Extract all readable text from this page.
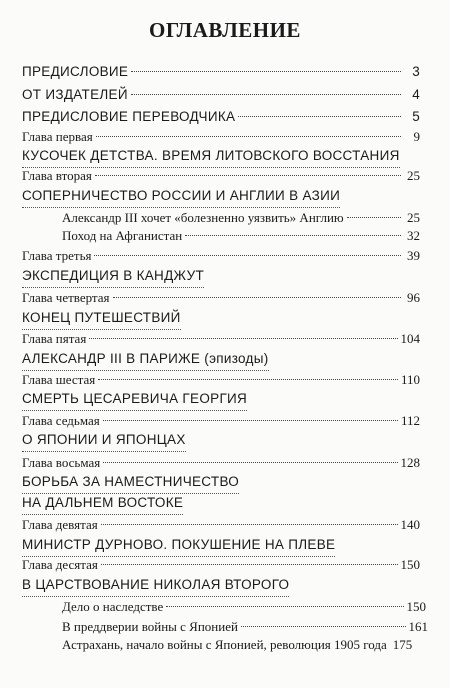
ОГЛАВЛЕНИЕ
ПРЕДИСЛОВИЕ	3
ОТ ИЗДАТЕЛЕЙ	4
ПРЕДИСЛОВИЕ ПЕРЕВОДЧИКА	5
Глава первая	9
КУСОЧЕК ДЕТСТВА. ВРЕМЯ ЛИТОВСКОГО ВОССТАНИЯ
Глава вторая	25
СОПЕРНИЧЕСТВО РОССИИ И АНГЛИИ В АЗИИ
Александр III хочет «болезненно уязвить» Англию	25
Поход на Афганистан	32
Глава третья	39
ЭКСПЕДИЦИЯ В КАНДЖУТ
Глава четвертая	96
КОНЕЦ ПУТЕШЕСТВИЙ
Глава пятая	104
АЛЕКСАНДР III В ПАРИЖЕ (эпизоды)
Глава шестая	110
СМЕРТЬ ЦЕСАРЕВИЧА ГЕОРГИЯ
Глава седьмая	112
О ЯПОНИИ И ЯПОНЦАХ
Глава восьмая	128
БОРЬБА ЗА НАМЕСТНИЧЕСТВО
НА ДАЛЬНЕМ ВОСТОКЕ
Глава девятая	140
МИНИСТР ДУРНОВО. ПОКУШЕНИЕ НА ПЛЕВЕ
Глава десятая	150
В ЦАРСТВОВАНИЕ НИКОЛАЯ ВТОРОГО
Дело о наследстве	150
В преддверии войны с Японией	161
Астрахань, начало войны с Японией, революция 1905 года 175
